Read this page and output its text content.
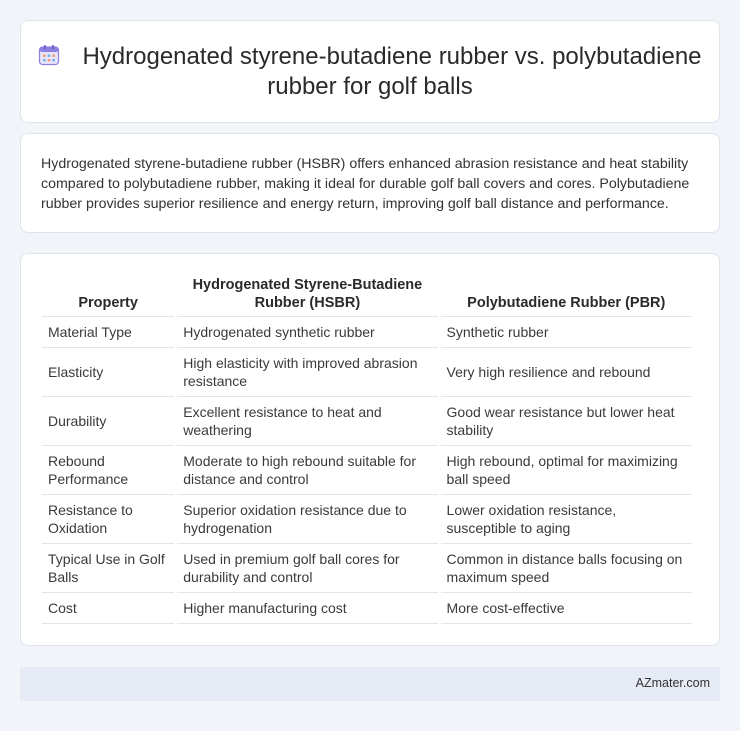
Hydrogenated styrene-butadiene rubber vs. polybutadiene rubber for golf balls

Hydrogenated styrene-butadiene rubber (HSBR) offers enhanced abrasion resistance and heat stability compared to polybutadiene rubber, making it ideal for durable golf ball covers and cores. Polybutadiene rubber provides superior resilience and energy return, improving golf ball distance and performance.

Property	Hydrogenated Styrene-Butadiene Rubber (HSBR)	Polybutadiene Rubber (PBR)
Material Type	Hydrogenated synthetic rubber	Synthetic rubber
Elasticity	High elasticity with improved abrasion resistance	Very high resilience and rebound
Durability	Excellent resistance to heat and weathering	Good wear resistance but lower heat stability
Rebound Performance	Moderate to high rebound suitable for distance and control	High rebound, optimal for maximizing ball speed
Resistance to Oxidation	Superior oxidation resistance due to hydrogenation	Lower oxidation resistance, susceptible to aging
Typical Use in Golf Balls	Used in premium golf ball cores for durability and control	Common in distance balls focusing on maximum speed
Cost	Higher manufacturing cost	More cost-effective
AZmater.com
